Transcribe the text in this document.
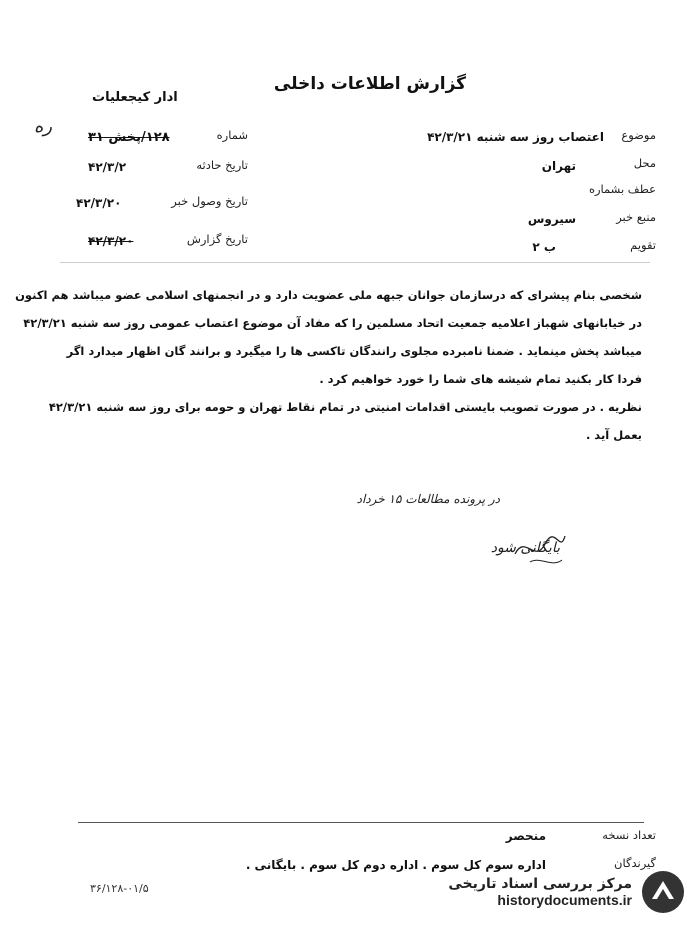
گزارش اطلاعات داخلی
ادار کیجعلیات
ره	شماره
۱۲۸/پخش ۳۱
تاریخ حادثه
۴۲/۳/۲
تاریخ وصول خبر
۴۲/۳/۲۰
تاریخ گزارش
۴۲/۳/۲۰
موضوع
اعتصاب روز سه شنبه ۴۲/۳/۲۱
محل
تهران
عطف بشماره
منبع خبر
سیروس
تقویم
ب ۲
شخصی بنام پیشرای که درسازمان جوانان جبهه ملی عضویت دارد و در انجمنهای اسلامی عضو میباشد هم اکنون
در خیابانهای شهباز اعلامیه جمعیت اتحاد مسلمین را که مفاد آن موضوع اعتصاب عمومی روز سه شنبه ۴۲/۳/۲۱
میباشد پخش مینماید . ضمنا نامبرده مجلوی رانندگان تاکسی ها را میگیرد و برانند گان اظهار میدارد اگر
فردا کار بکنید تمام شیشه های شما را خورد خواهیم کرد .
نظریه . در صورت تصویب بایستی اقدامات امنیتی در تمام نقاط تهران و حومه برای روز سه شنبه ۴۲/۳/۲۱
بعمل آید .
در پرونده مطالعات ۱۵ خرداد
بایگانی شود
تعداد نسخه
منحصر
گیرندگان
اداره سوم کل سوم . اداره دوم کل سوم . بایگانی .
۳۶/۱۲۸-۰۱/۵	مرکز بررسی اسناد تاریخی
historydocuments.ir
